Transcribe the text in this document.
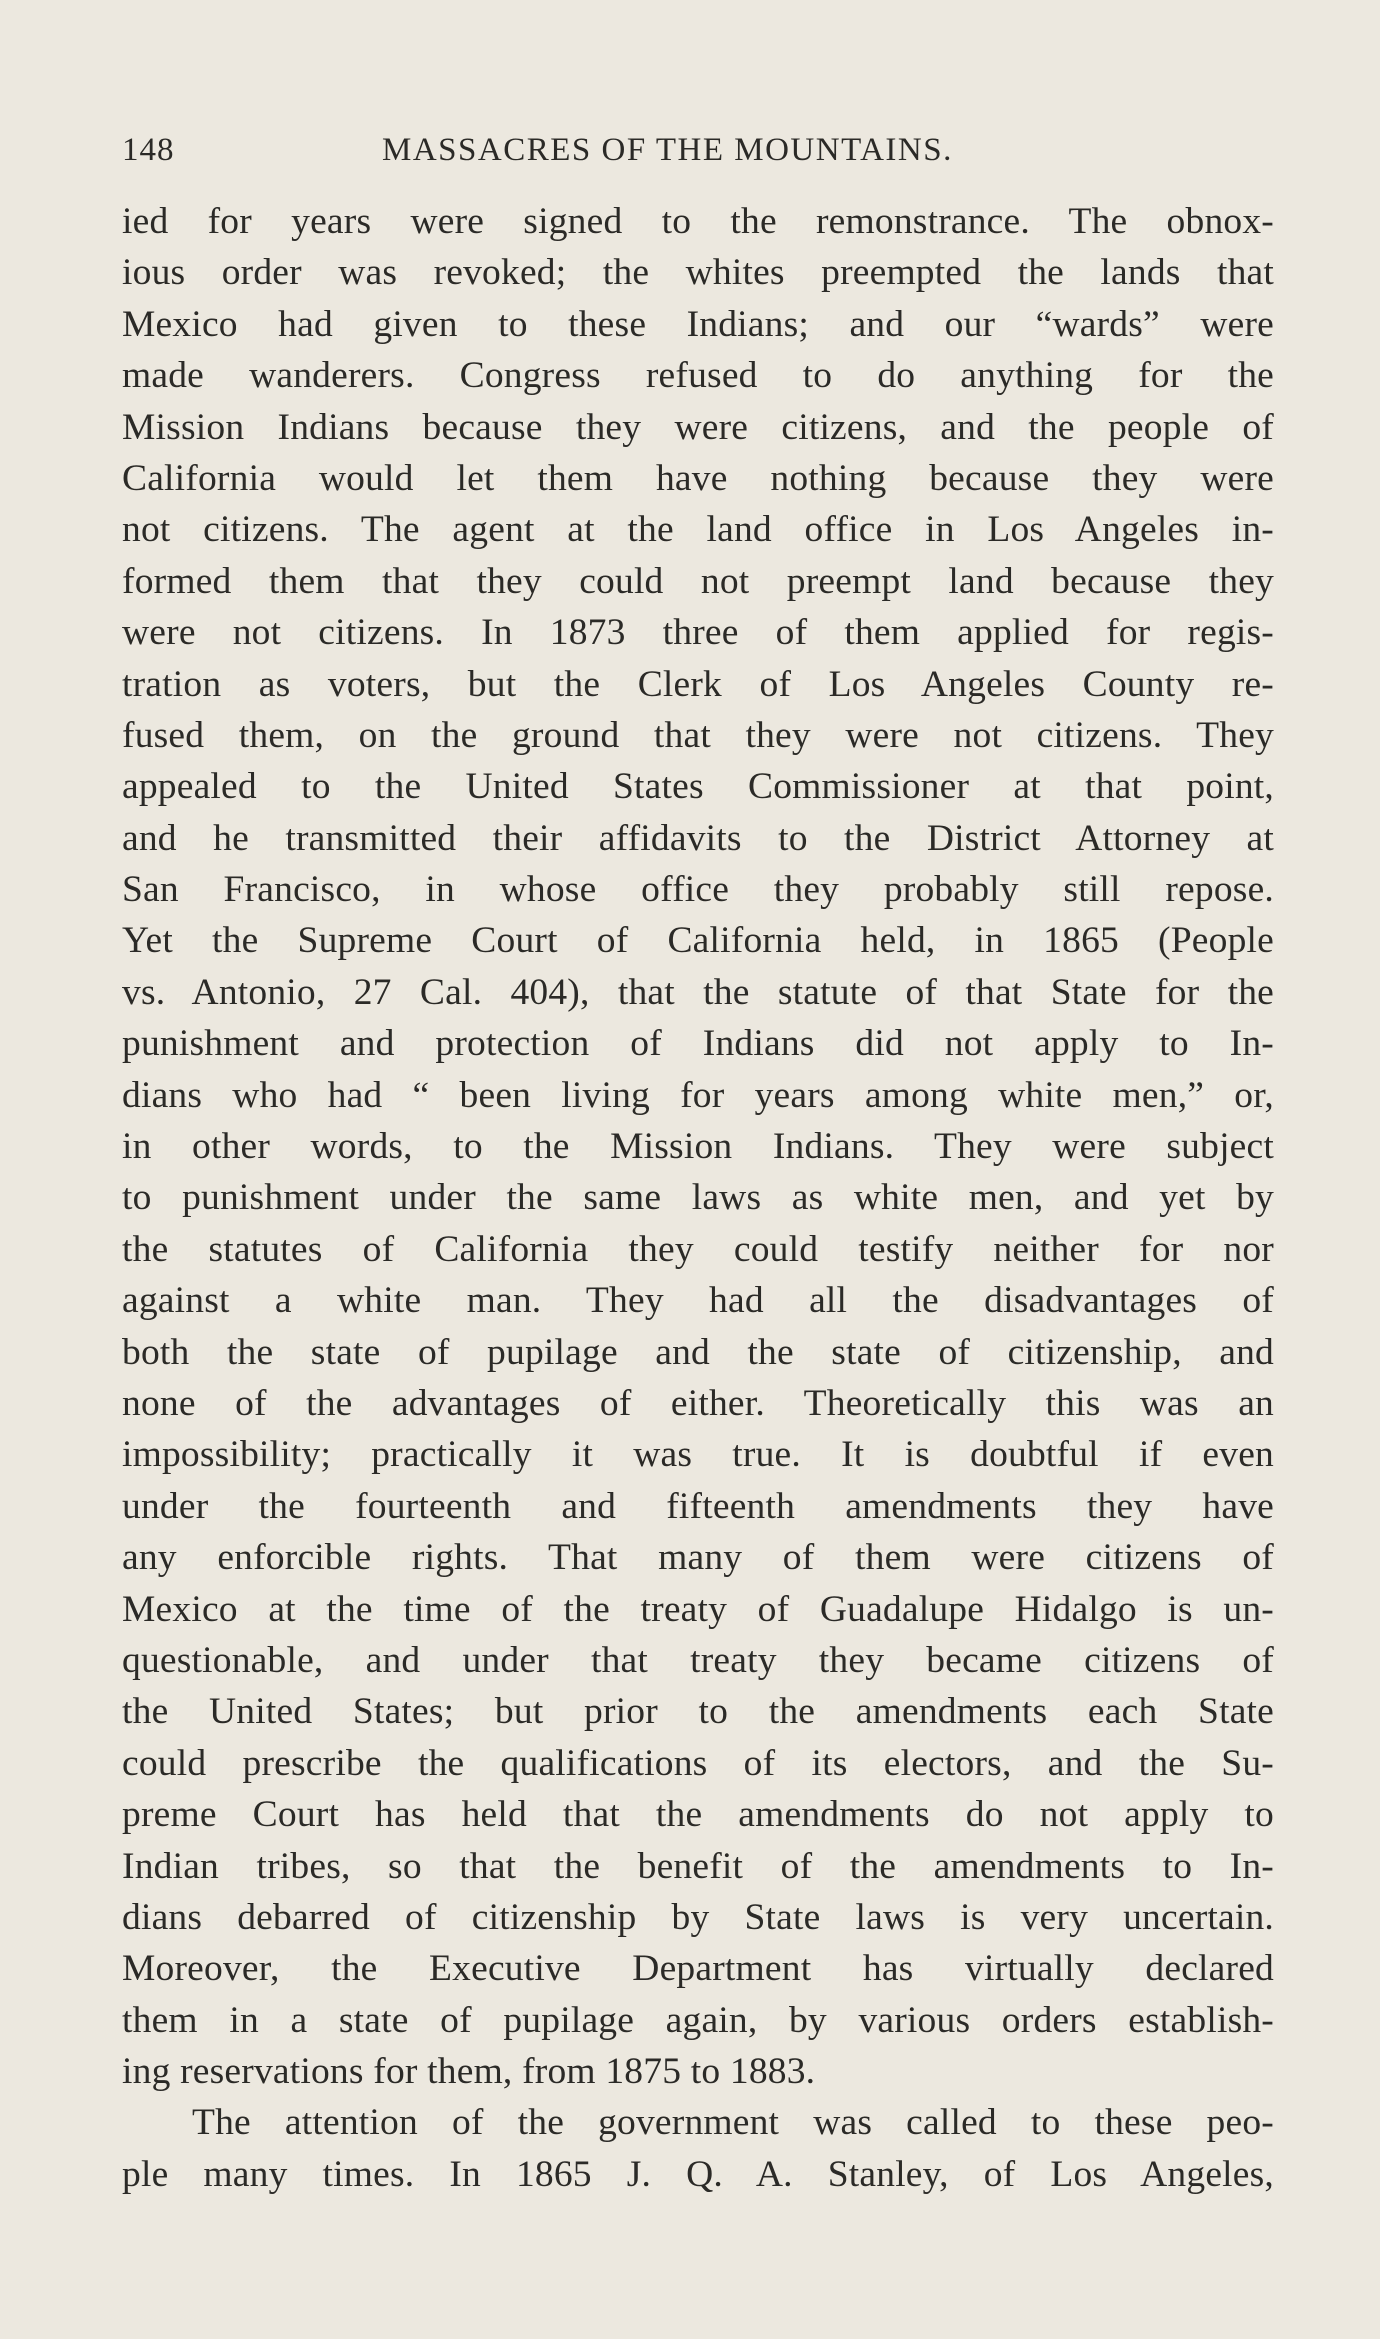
148	MASSACRES OF THE MOUNTAINS.
ied for years were signed to the remonstrance. The obnox-
ious order was revoked; the whites preempted the lands that
Mexico had given to these Indians; and our “wards” were
made wanderers. Congress refused to do anything for the
Mission Indians because they were citizens, and the people of
California would let them have nothing because they were
not citizens. The agent at the land office in Los Angeles in-
formed them that they could not preempt land because they
were not citizens. In 1873 three of them applied for regis-
tration as voters, but the Clerk of Los Angeles County re-
fused them, on the ground that they were not citizens. They
appealed to the United States Commissioner at that point,
and he transmitted their affidavits to the District Attorney at
San Francisco, in whose office they probably still repose.
Yet the Supreme Court of California held, in 1865 (People
vs. Antonio, 27 Cal. 404), that the statute of that State for the
punishment and protection of Indians did not apply to In-
dians who had “ been living for years among white men,” or,
in other words, to the Mission Indians. They were subject
to punishment under the same laws as white men, and yet by
the statutes of California they could testify neither for nor
against a white man. They had all the disadvantages of
both the state of pupilage and the state of citizenship, and
none of the advantages of either. Theoretically this was an
impossibility; practically it was true. It is doubtful if even
under the fourteenth and fifteenth amendments they have
any enforcible rights. That many of them were citizens of
Mexico at the time of the treaty of Guadalupe Hidalgo is un-
questionable, and under that treaty they became citizens of
the United States; but prior to the amendments each State
could prescribe the qualifications of its electors, and the Su-
preme Court has held that the amendments do not apply to
Indian tribes, so that the benefit of the amendments to In-
dians debarred of citizenship by State laws is very uncertain.
Moreover, the Executive Department has virtually declared
them in a state of pupilage again, by various orders establish-
ing reservations for them, from 1875 to 1883.
The attention of the government was called to these peo-
ple many times. In 1865 J. Q. A. Stanley, of Los Angeles,
